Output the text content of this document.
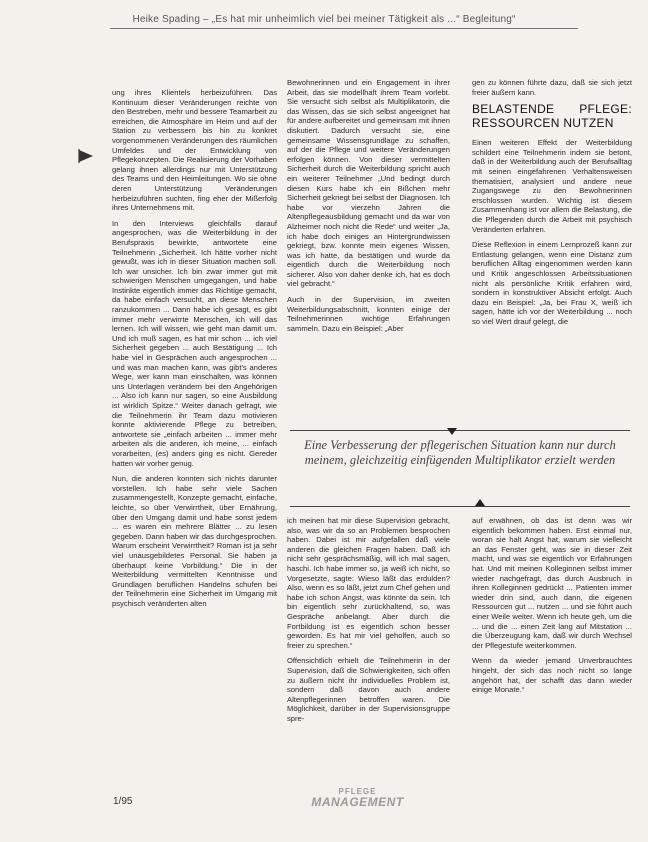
Heike Spading – „Es hat mir unheimlich viel bei meiner Tätigkeit als ...“ Begleitung“

ung ihres Klientels herbeizuführen. Das Kontinuum dieser Veränderungen reichte von den Bestreben, mehr und bessere Teamarbeit zu erreichen, die Atmosphäre im Heim und auf der Station zu verbessern bis hin zu konkret vorgenommenen Veränderungen des räumlichen Umfeldes und der Entwicklung von Pflegekonzepten. Die Realisierung der Vorhaben gelang ihnen allerdings nur mit Unterstützung des Teams und den Heimleitungen. Wo sie ohne deren Unterstützung Veränderungen herbeizuführen suchten, fing eher der Mißerfolg ihres Unternehmens mit.

In den Interviews gleichfalls darauf angesprochen, was die Weiterbildung in der Berufspraxis bewirkte, antwortete eine Teilnehmerin „Sicherheit. Ich hätte vorher nicht gewußt, was ich in dieser Situation machen soll. Ich war unsicher. Ich bin zwar immer gut mit schwierigen Menschen umgegangen, und habe Instinkte eigentlich immer das Richtige gemacht, da habe einfach versucht, an diese Menschen ranzukommen ... Dann habe ich gesagt, es gibt immer mehr verwirrte Menschen, ich will das lernen. Ich will wissen, wie geht man damit um. Und ich muß sagen, es hat mir schon ... ich viel Sicherheit gegeben ... auch Bestätigung ... Ich habe viel in Gesprächen auch angesprochen ... und was man machen kann, was gibt's anderes Wege, wer kann man einschalten, was können uns Unterlagen verändern bei den Angehörigen ... Also ich kann nur sagen, so eine Ausbildung ist wirklich Spitze.“ Weiter danach gefragt, wie die Teilnehmerin ihr Team dazu motivieren konnte aktivierende Pflege zu betreiben, antwortete sie „einfach arbeiten ... immer mehr arbeiten als die anderen, ich meine, ... einfach vorarbeiten, (es) anders ging es nicht. Gereder hatten wir vorher genug.

Nun, die anderen konnten sich nichts darunter vorstellen. Ich habe sehr viele Sachen zusammengestellt, Konzepte gemacht, einfache, leichte, so über Verwirrtheit, über Ernährung, über den Umgang damit und habe sonst jedem ... es waren ein mehrere Blätter ... zu lesen gegeben. Dann haben wir das durchgesprochen. Warum erscheint Verwirrtheit? Roman ist ja sehr viel unausgebildetes Personal. Sie haben ja überhaupt keine Vorbildung.“ Die in der Weiterbildung vermittelten Kenntnisse und Grundlagen beruflichen Handelns schufen bei der Teilnehmerin eine Sicherheit im Umgang mit psychisch veränderten alten

Bewohnerinnen und ein Engagement in ihrer Arbeit, das sie modellhaft ihrem Team vorlebt. Sie versucht sich selbst als Multiplikatorin, die das Wissen, das sie sich selbst angeeignet hat für andere aufbereitet und gemeinsam mit ihnen diskutiert. Dadurch versucht sie, eine gemeinsame Wissensgrundlage zu schaffen, auf der die Pflege und weitere Veränderungen erfolgen können. Von dieser vermittelten Sicherheit durch die Weiterbildung spricht auch ein weiterer Teilnehmer „Und bedingt durch diesen Kurs habe ich ein Bißchen mehr Sicherheit gekriegt bei selbst der Diagnosen. Ich habe vor vierzehn Jahren die Altenpflegeausbildung gemacht und da war von Alzheimer noch nicht die Rede“ und weiter „Ja, ich habe doch einiges an Hintergrundwissen gekriegt, bzw. konnte mein eigenes Wissen, was ich hatte, da bestätigen und wurde da eigentlich durch die Weiterbildung noch sicherer. Also von daher denke ich, hat es doch viel gebracht.“

Auch in der Supervision, im zweiten Weiterbildungsabschnitt, konnten einige der Teilnehmerinnen wichtige Erfahrungen sammeln. Dazu ein Beispiel: „Aber

gen zu können führte dazu, daß sie sich jetzt freier äußern kann.

BELASTENDE PFLEGE: RESSOURCEN NUTZEN

Einen weiteren Effekt der Weiterbildung schildert eine Teilnehmerin indem sie betont, daß in der Weiterbildung auch der Berufsalltag mit seinen eingefahrenen Verhaltensweisen thematisiert, analysiert und andere neue Zugangswege zu den Bewohnerinnen erschlossen wurden. Wichtig ist diesem Zusammenhang ist vor allem die Belastung, die die Pflegenden durch die Arbeit mit psychisch Veränderten erfahren.

Diese Reflexion in einem Lernprozeß kann zur Entlastung gelangen, wenn eine Distanz zum beruflichen Alltag eingenommen werden kann und Kritik angeschlossen Arbeitssituationen nicht als persönliche Kritik erfahren wird, sondern in konstruktiver Absicht erfolgt. Auch dazu ein Beispiel: „Ja, bei Frau X, weiß ich sagen, hätte ich vor der Weiterbildung ... noch so viel Wert drauf gelegt, die

Eine Verbesserung der pflegerischen Situation kann nur durch meinem, gleichzeitig einfügenden Multiplikator erzielt werden

ich meinen hat mir diese Supervision gebracht, also, was wir da so an Problemen besprochen haben. Dabei ist mir aufgefallen daß viele anderen die gleichen Fragen haben. Daß ich nicht sehr gesprächsmäßig, will ich mal sagen, haschi. Ich habe immer so, ja weiß ich nicht, so Vorgesetzte, sagte: Wieso läßt das erdulden? Also, wenn es so läßt, jetzt zum Chef gehen und habe ich schon Angst, was könnte da sein. Ich bin eigentlich sehr zurückhaltend, so, was Gespräche anbelangt. Aber durch die Fortbildung ist es eigentlich schon besser geworden. Es hat mir viel geholfen, auch so freier zu sprechen.“

Offensichtlich erhielt die Teilnehmerin in der Supervision, daß die Schwierigkeiten, sich offen zu äußern nicht ihr individuelles Problem ist, sondern daß davon auch andere Altenpflegerinnen betroffen waren. Die Möglichkeit, darüber in der Supervisionsgruppe spre-

auf erwähnen, ob das ist denn was wir eigentlich bekommen haben. Erst einmal nur, woran sie halt Angst hat, warum sie vielleicht an das Fenster geht, was sie in dieser Zeit macht, und was sie eigentlich vor Erfahrungen hat. Und mit meinen Kolleginnen selbst immer wieder nachgefragt, das durch Ausbruch in ihren Kolleginnen gedrückt ... Patienten immer wieder drin sind, auch dann, die eigenen Ressourcen gut ... nutzen ... und sie führt auch einer Weile weiter. Wenn ich heute geh, um die ... und die ... einen Zeit lang auf Mitstation ... die Überzeugung kam, daß wir durch Wechsel der Pflegestufe weiterkommen.

Wenn da wieder jemand Unverbrauchtes hingeht, der sich das noch nicht so lange angehört hat, der schafft das dann wieder einige Monate.“

1/95
PFLEGE
MANAGEMENT
